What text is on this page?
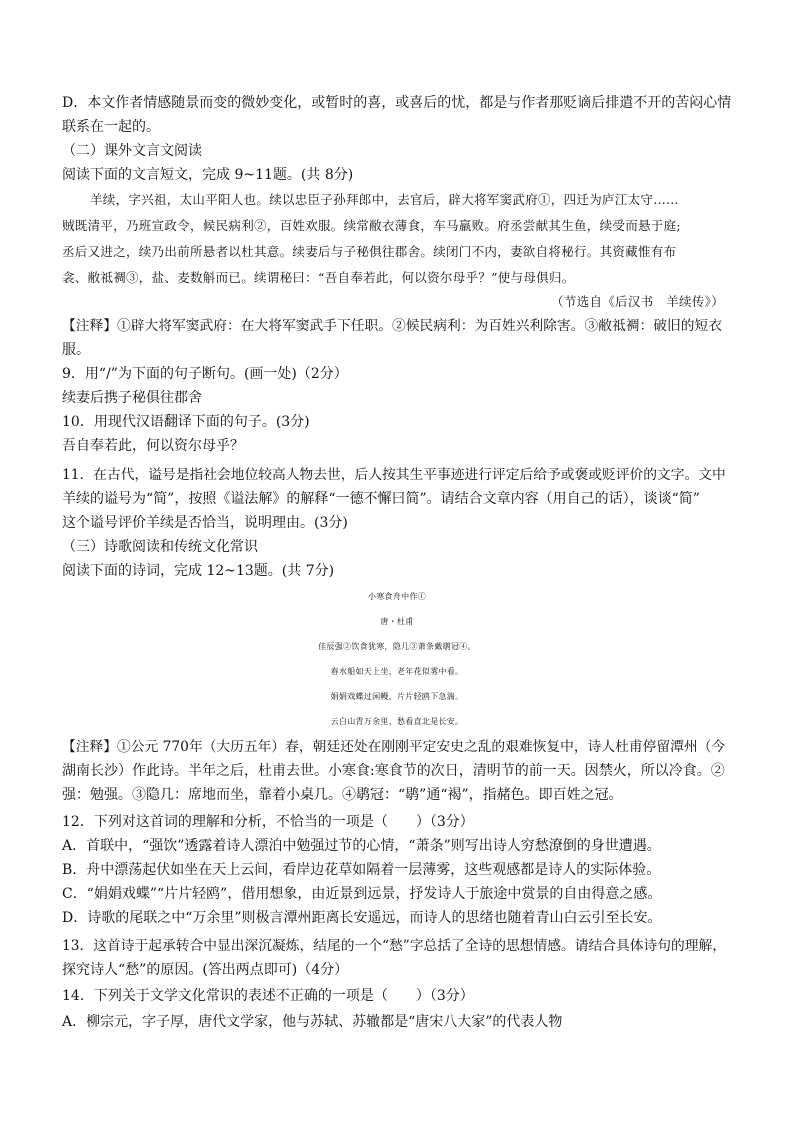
D．本文作者情感随景而变的微妙变化，或暂时的喜，或喜后的忧，都是与作者那贬谪后排遣不开的苦闷心情
联系在一起的。
（二）课外文言文阅读
阅读下面的文言短文，完成 9~11题。(共 8分)
羊续，字兴祖，太山平阳人也。续以忠臣子孙拜郎中，去官后，辟大将军窦武府①，四迁为庐江太守……
贼既清平，乃班宣政令，候民病利②，百姓欢服。续常敝衣薄食，车马羸败。府丞尝献其生鱼，续受而悬于庭;
丞后又进之，续乃出前所悬者以杜其意。续妻后与子秘俱往郡舍。续闭门不内，妻欲自将秘行。其资藏惟有布
衾、敝祗裯③，盐、麦数斛而已。续谓秘曰：“吾自奉若此，何以资尔母乎？”使与母俱归。
（节选自《后汉书　羊续传》）
【注释】①辟大将军窦武府：在大将军窦武手下任职。②候民病利：为百姓兴利除害。③敝祗裯：破旧的短衣
服。
9．用“/”为下面的句子断句。(画一处)（2分）
续妻后携子秘俱往郡舍
10．用现代汉语翻译下面的句子。(3分)
吾自奉若此，何以资尔母乎？
11．在古代，谥号是指社会地位较高人物去世，后人按其生平事迹进行评定后给予或褒或贬评价的文字。文中
羊续的谥号为“简”，按照《谥法解》的解释“一德不懈曰简”。请结合文章内容（用自己的话），谈谈“简”
这个谥号评价羊续是否恰当，说明理由。(3分)
（三）诗歌阅读和传统文化常识
阅读下面的诗词，完成 12~13题。(共 7分)
小寒食舟中作①
唐・杜甫
佳辰强②饮食犹寒，隐几③萧条戴鹖冠④。
春水船如天上坐，老年花似雾中看。
娟娟戏蝶过闲幔，片片轻鸥下急湍。
云白山青万余里，愁看直北是长安。
【注释】①公元 770年（大历五年）春，朝廷还处在刚刚平定安史之乱的艰难恢复中，诗人杜甫停留潭州（今
湖南长沙）作此诗。半年之后，杜甫去世。小寒食:寒食节的次日，清明节的前一天。因禁火，所以冷食。②
强：勉强。③隐几：席地而坐，靠着小桌几。④鹖冠：“鹖”通“褐”，指赭色。即百姓之冠。
12．下列对这首词的理解和分析，不恰当的一项是（　　）（3分）
A．首联中，“强饮”透露着诗人漂泊中勉强过节的心情，“萧条”则写出诗人穷愁潦倒的身世遭遇。
B．舟中漂荡起伏如坐在天上云间，看岸边花草如隔着一层薄雾，这些观感都是诗人的实际体验。
C．“娟娟戏蝶”“片片轻鸥”，借用想象，由近景到远景，抒发诗人于旅途中赏景的自由得意之感。
D．诗歌的尾联之中“万余里”则极言潭州距离长安遥远，而诗人的思绪也随着青山白云引至长安。
13．这首诗于起承转合中显出深沉凝炼，结尾的一个“愁”字总括了全诗的思想情感。请结合具体诗句的理解，
探究诗人“愁”的原因。(答出两点即可)（4分）
14．下列关于文学文化常识的表述不正确的一项是（　　）（3分）
A．柳宗元，字子厚，唐代文学家，他与苏轼、苏辙都是“唐宋八大家”的代表人物
